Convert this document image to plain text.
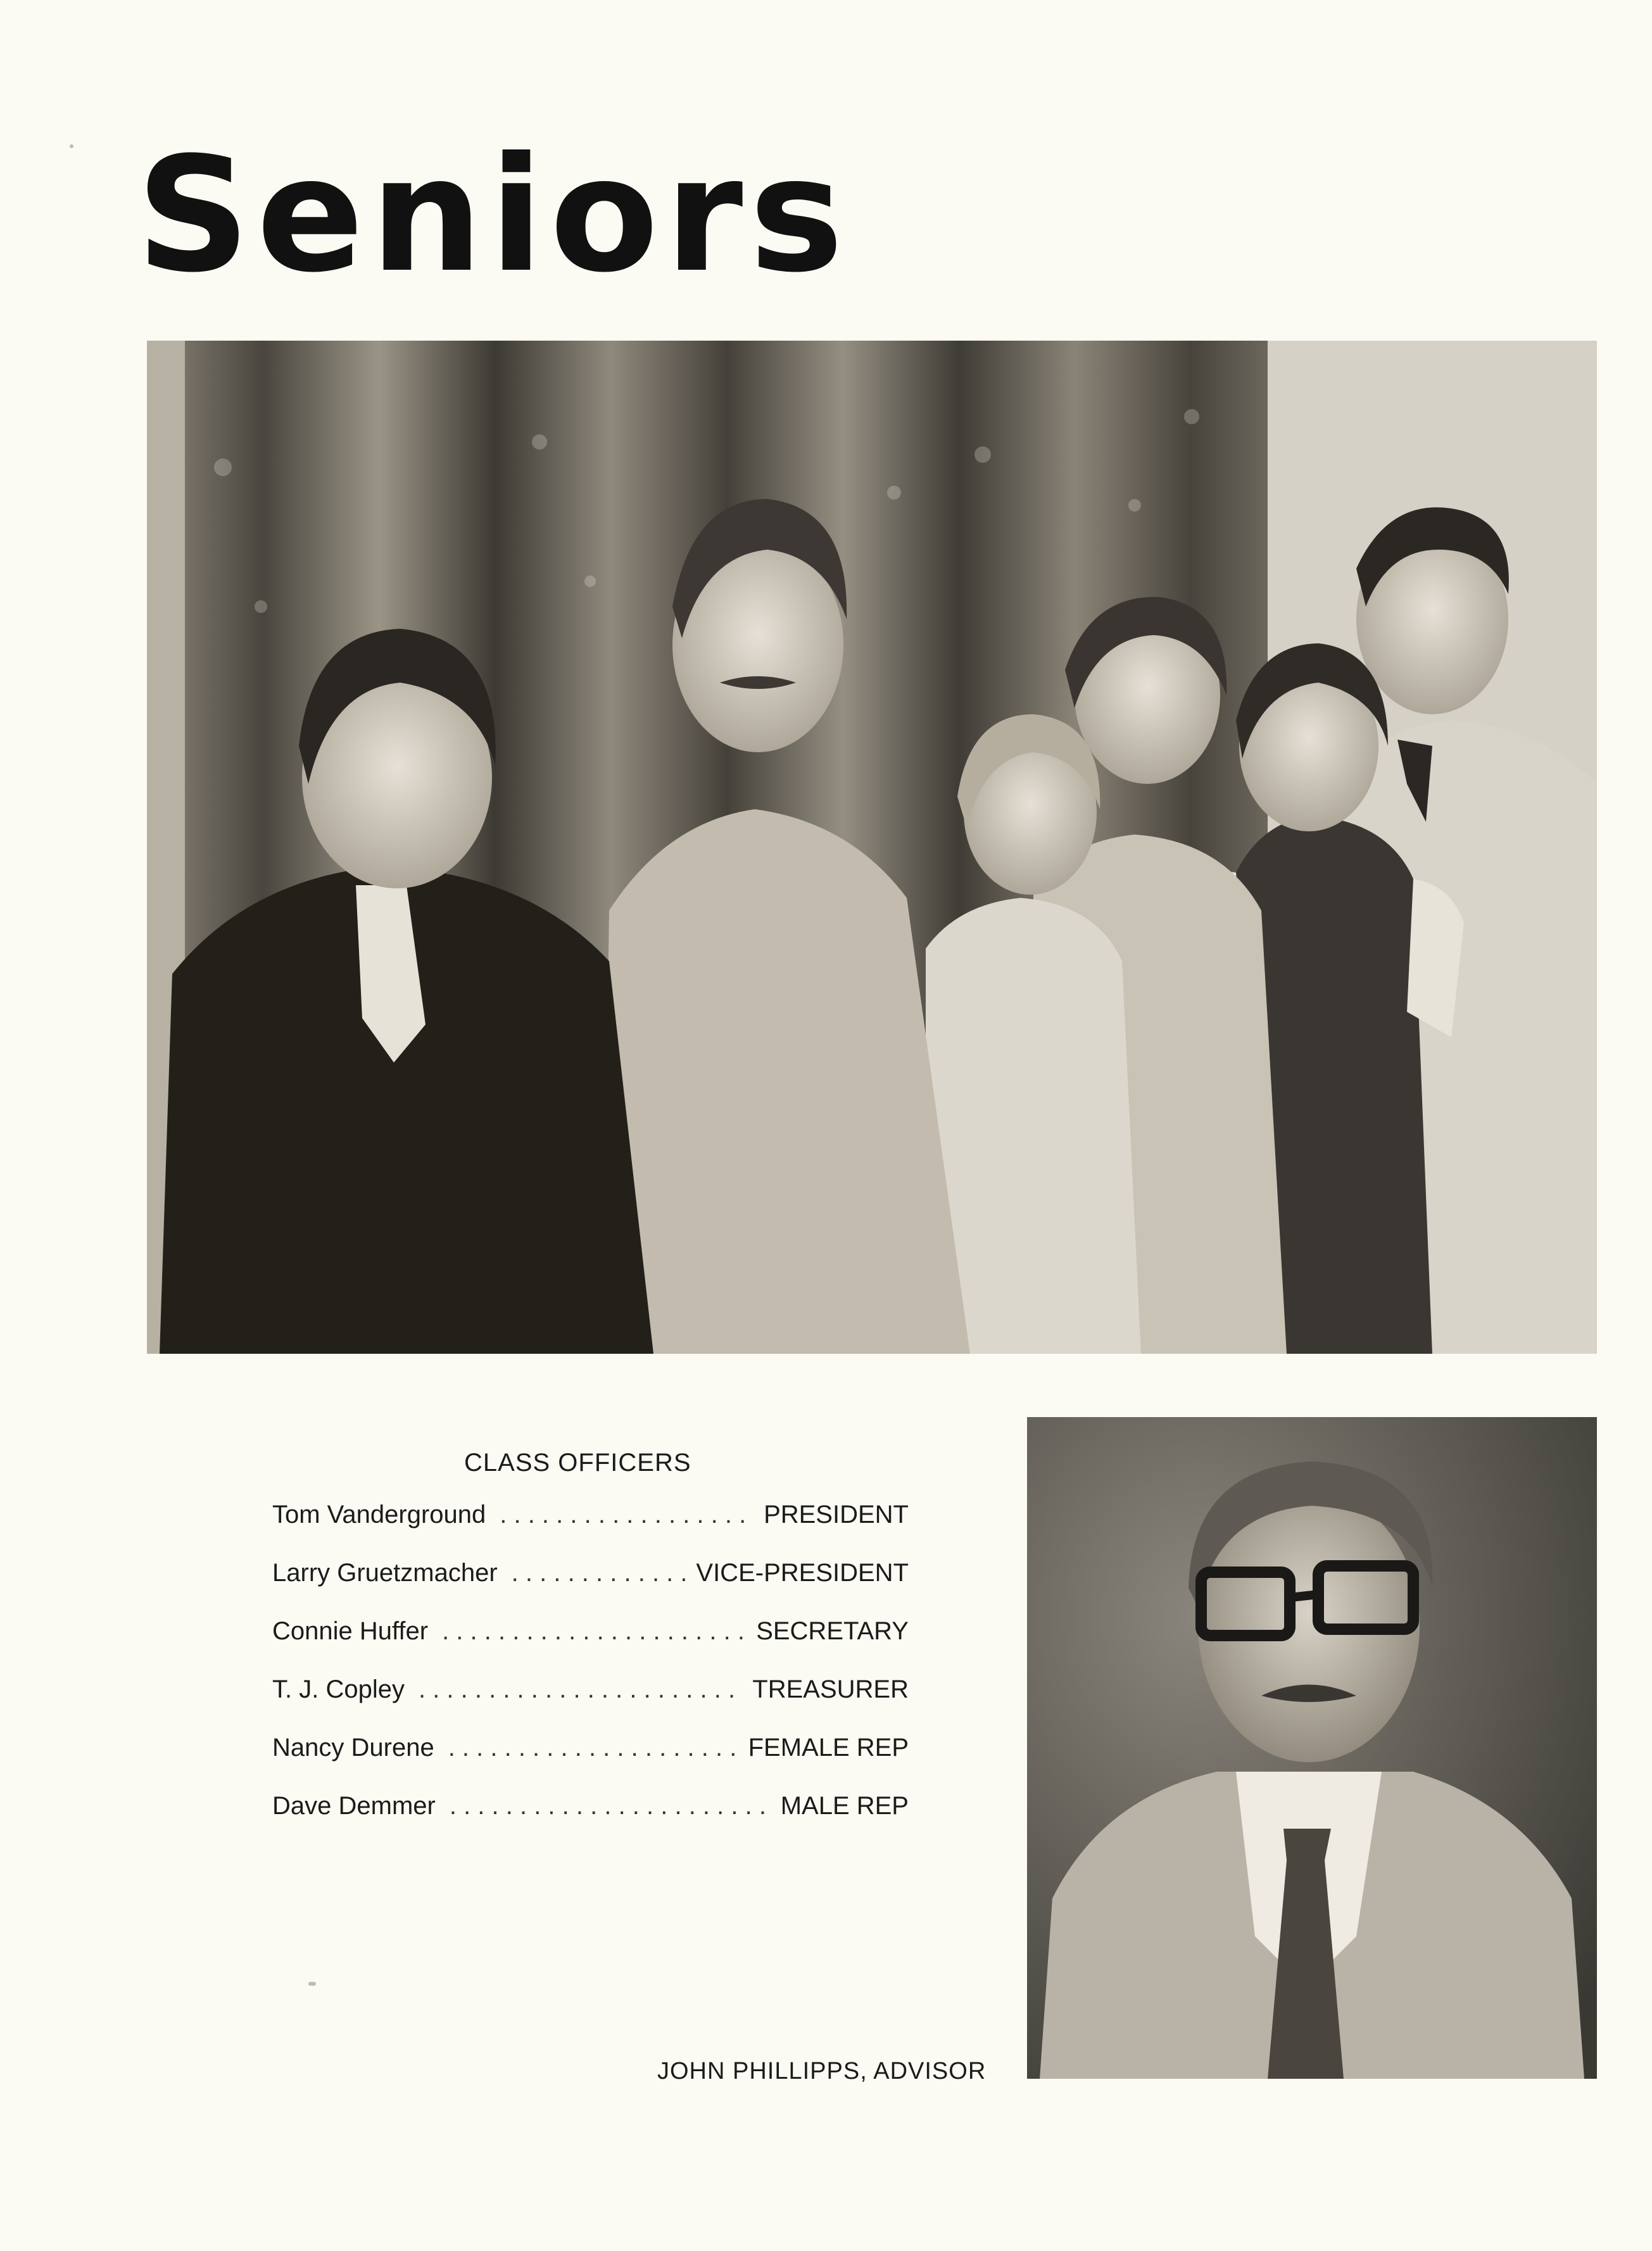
Seniors
CLASS OFFICERS
Tom Vanderground . . .	PRESIDENT
Larry Gruetzmacher . . .	VICE-PRESIDENT
Connie Huffer . . .	SECRETARY
T. J. Copley . . .	TREASURER
Nancy Durene . . .	FEMALE REP
Dave Demmer . . .	MALE REP
JOHN PHILLIPPS, ADVISOR
